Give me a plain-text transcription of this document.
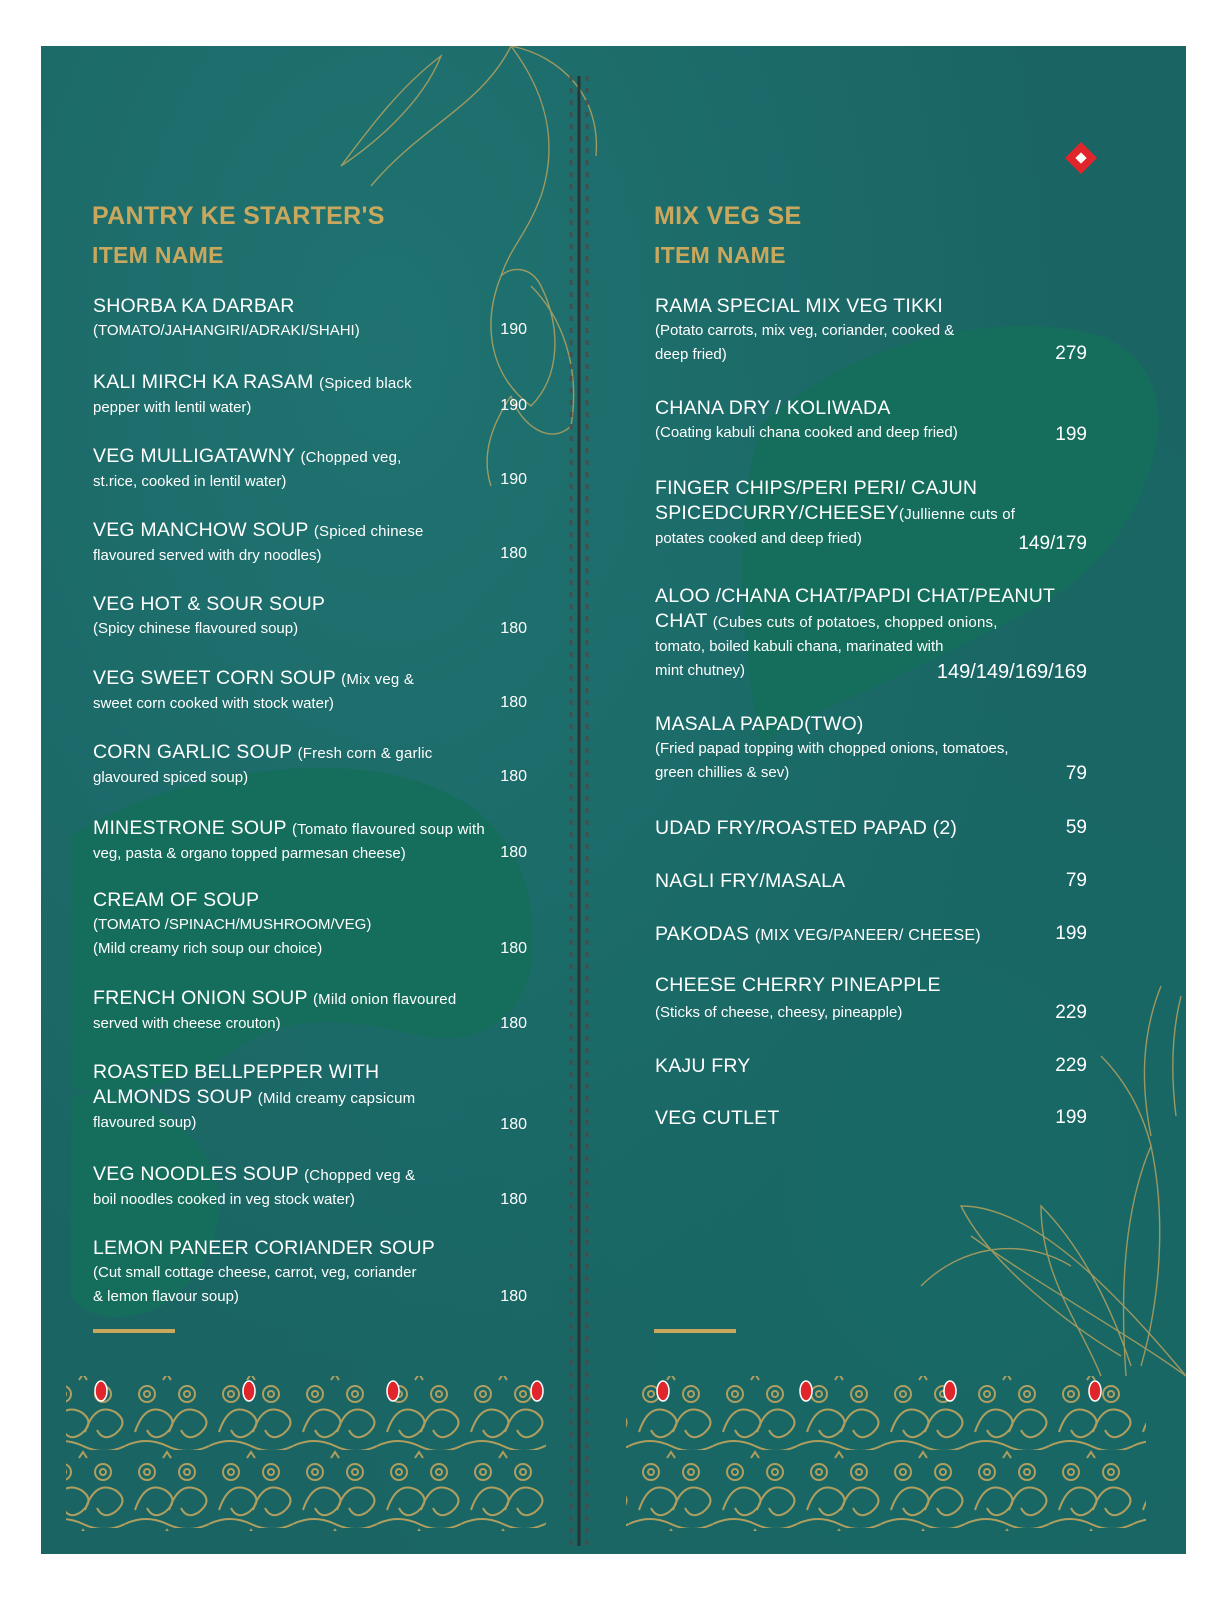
PANTRY KE STARTER'S
ITEM NAME
SHORBA KA DARBAR
(TOMATO/JAHANGIRI/ADRAKI/SHAHI)	190
KALI MIRCH KA RASAM (Spiced black
pepper with lentil water)	190
VEG MULLIGATAWNY (Chopped veg,
st.rice, cooked in lentil water)	190
VEG MANCHOW SOUP (Spiced chinese
flavoured served with dry noodles)	180
VEG HOT & SOUR SOUP
(Spicy chinese flavoured soup)	180
VEG SWEET CORN SOUP (Mix veg &
sweet corn cooked with stock water)	180
CORN GARLIC SOUP (Fresh corn & garlic
glavoured spiced soup)	180
MINESTRONE SOUP (Tomato flavoured soup with
veg, pasta & organo topped parmesan cheese)	180
CREAM OF SOUP
(TOMATO /SPINACH/MUSHROOM/VEG)
(Mild creamy rich soup our choice)	180
FRENCH ONION SOUP (Mild onion flavoured
served with cheese crouton)	180
ROASTED BELLPEPPER WITH
ALMONDS SOUP (Mild creamy capsicum
flavoured soup)	180
VEG NOODLES SOUP (Chopped veg &
boil noodles cooked in veg stock water)	180
LEMON PANEER CORIANDER SOUP
(Cut small cottage cheese, carrot, veg, coriander
& lemon flavour soup)	180
MIX VEG SE
ITEM NAME
RAMA SPECIAL MIX VEG TIKKI
(Potato carrots, mix veg, coriander, cooked &
deep fried)	279
CHANA DRY / KOLIWADA
(Coating kabuli chana cooked and deep fried)	199
FINGER CHIPS/PERI PERI/ CAJUN
SPICEDCURRY/CHEESEY(Jullienne cuts of
potates cooked and deep fried)	149/179
ALOO /CHANA CHAT/PAPDI CHAT/PEANUT
CHAT (Cubes cuts of potatoes, chopped onions,
tomato, boiled kabuli chana, marinated with
mint chutney)	149/149/169/169
MASALA PAPAD(TWO)
(Fried papad topping with chopped onions, tomatoes,
green chillies & sev)	79
UDAD FRY/ROASTED PAPAD (2)	59
NAGLI FRY/MASALA	79
PAKODAS (MIX VEG/PANEER/ CHEESE)	199
CHEESE CHERRY PINEAPPLE
(Sticks of cheese, cheesy, pineapple)	229
KAJU FRY	229
VEG CUTLET	199
